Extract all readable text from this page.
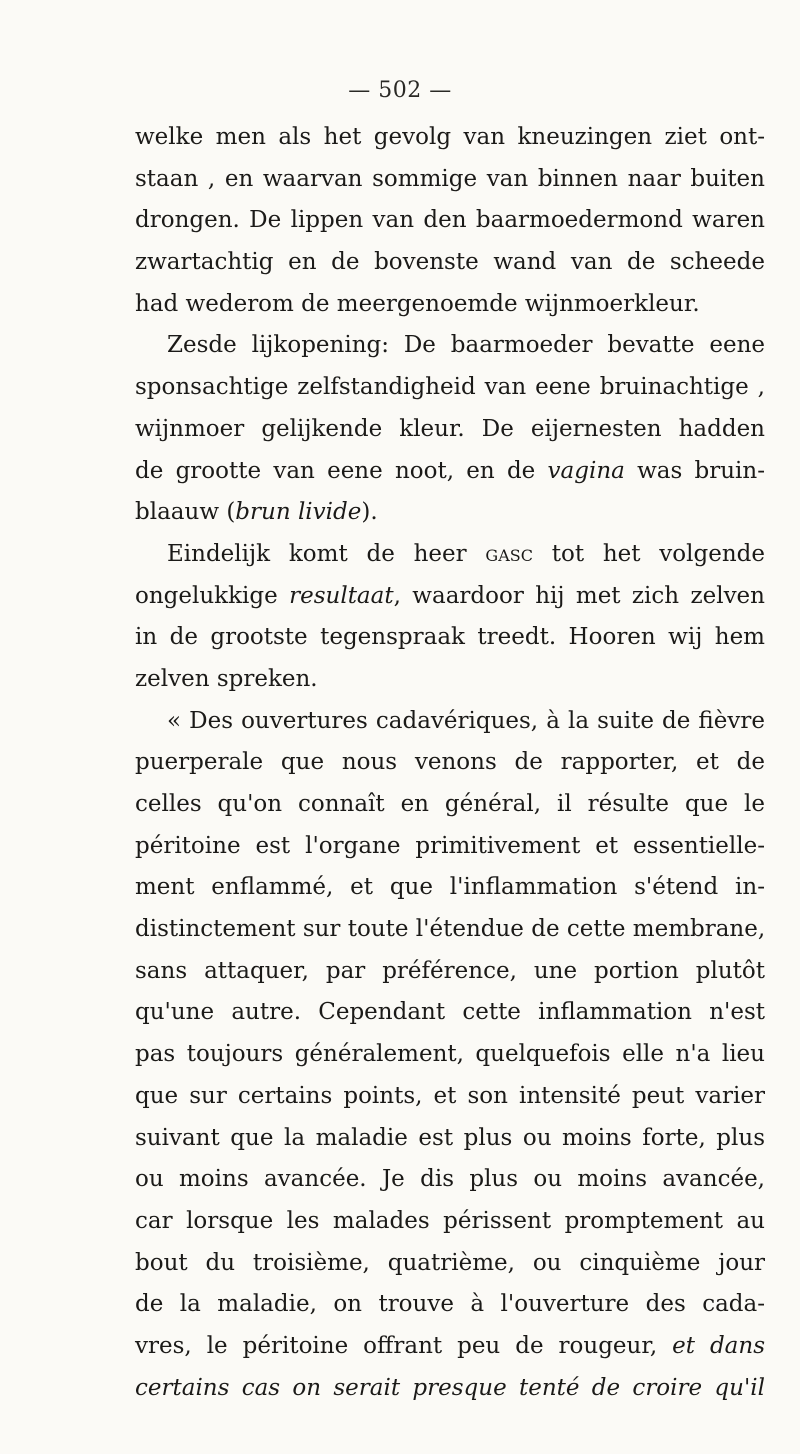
— 502 —
welke men als het gevolg van kneuzingen ziet ont-
staan , en waarvan sommige van binnen naar buiten
drongen. De lippen van den baarmoedermond waren
zwartachtig en de bovenste wand van de scheede
had wederom de meergenoemde wijnmoerkleur.
Zesde lijkopening: De baarmoeder bevatte eene
sponsachtige zelfstandigheid van eene bruinachtige ,
wijnmoer gelijkende kleur. De eijernesten hadden
de grootte van eene noot, en de vagina was bruin-
blaauw (brun livide).
Eindelijk komt de heer gasc tot het volgende
ongelukkige resultaat, waardoor hij met zich zelven
in de grootste tegenspraak treedt. Hooren wij hem
zelven spreken.
« Des ouvertures cadavériques, à la suite de fièvre
puerperale que nous venons de rapporter, et de
celles qu'on connaît en général, il résulte que le
péritoine est l'organe primitivement et essentielle-
ment enflammé, et que l'inflammation s'étend in-
distinctement sur toute l'étendue de cette membrane,
sans attaquer, par préférence, une portion plutôt
qu'une autre. Cependant cette inflammation n'est
pas toujours généralement, quelquefois elle n'a lieu
que sur certains points, et son intensité peut varier
suivant que la maladie est plus ou moins forte, plus
ou moins avancée. Je dis plus ou moins avancée,
car lorsque les malades périssent promptement au
bout du troisième, quatrième, ou cinquième jour
de la maladie, on trouve à l'ouverture des cada-
vres, le péritoine offrant peu de rougeur, et dans
certains cas on serait presque tenté de croire qu'il
